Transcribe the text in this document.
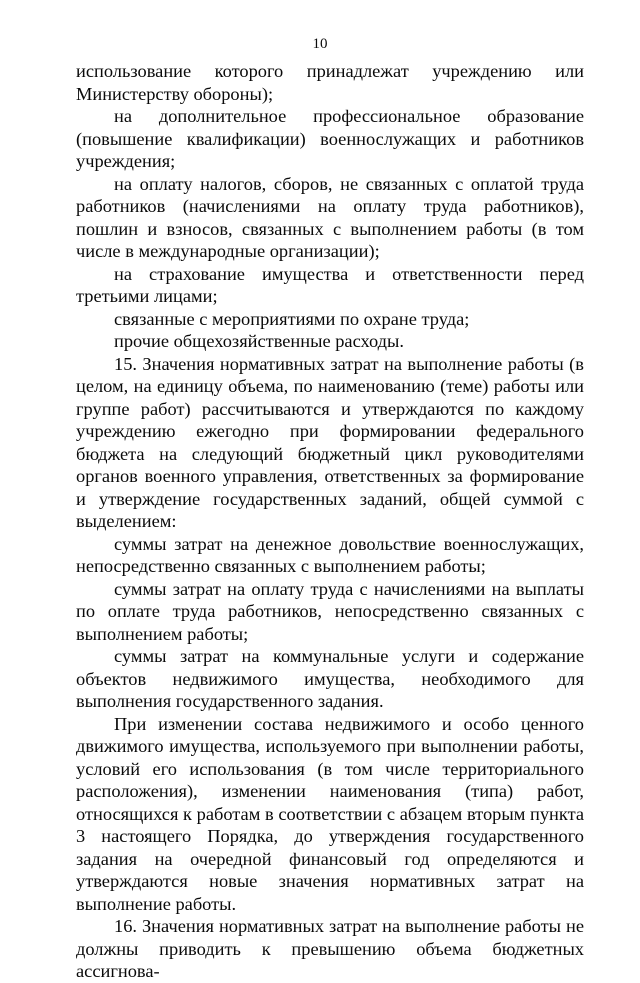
10

использование которого принадлежат учреждению или Министерству обороны);

на дополнительное профессиональное образование (повышение квалификации) военнослужащих и работников учреждения;

на оплату налогов, сборов, не связанных с оплатой труда работников (начислениями на оплату труда работников), пошлин и взносов, связанных с выполнением работы (в том числе в международные организации);

на страхование имущества и ответственности перед третьими лицами;

связанные с мероприятиями по охране труда;

прочие общехозяйственные расходы.

15. Значения нормативных затрат на выполнение работы (в целом, на единицу объема, по наименованию (теме) работы или группе работ) рассчитываются и утверждаются по каждому учреждению ежегодно при формировании федерального бюджета на следующий бюджетный цикл руководителями органов военного управления, ответственных за формирование и утверждение государственных заданий, общей суммой с выделением:

суммы затрат на денежное довольствие военнослужащих, непосредственно связанных с выполнением работы;

суммы затрат на оплату труда с начислениями на выплаты по оплате труда работников, непосредственно связанных с выполнением работы;

суммы затрат на коммунальные услуги и содержание объектов недвижимого имущества, необходимого для выполнения государственного задания.

При изменении состава недвижимого и особо ценного движимого имущества, используемого при выполнении работы, условий его использования (в том числе территориального расположения), изменении наименования (типа) работ, относящихся к работам в соответствии с абзацем вторым пункта 3 настоящего Порядка, до утверждения государственного задания на очередной финансовый год определяются и утверждаются новые значения нормативных затрат на выполнение работы.

16. Значения нормативных затрат на выполнение работы не должны приводить к превышению объема бюджетных ассигнова-
